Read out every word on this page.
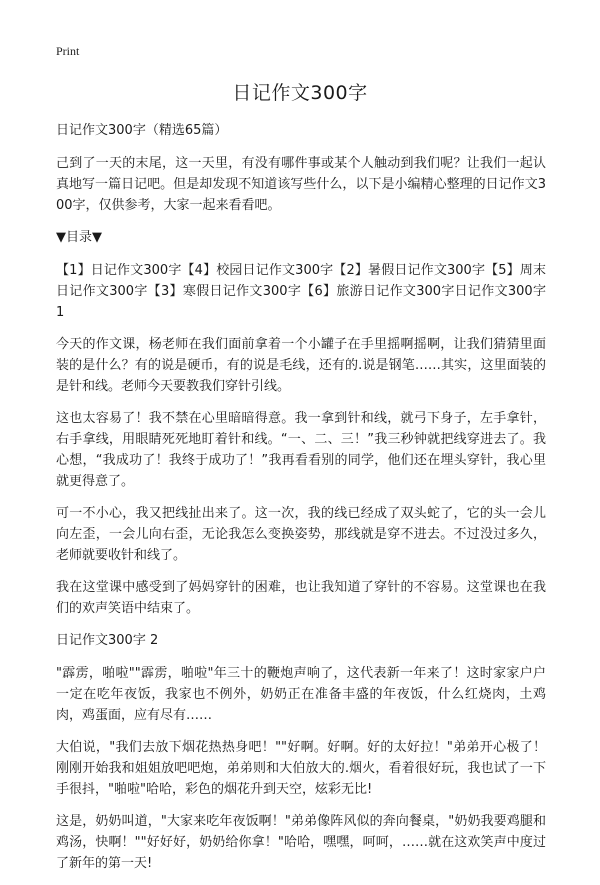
Print
日记作文300字

日记作文300字（精选65篇）

己到了一天的末尾，这一天里，有没有哪件事或某个人触动到我们呢？让我们一起认真地写一篇日记吧。但是却发现不知道该写些什么，以下是小编精心整理的日记作文300字，仅供参考，大家一起来看看吧。

▼目录▼

【1】日记作文300字【4】校园日记作文300字【2】暑假日记作文300字【5】周末日记作文300字【3】寒假日记作文300字【6】旅游日记作文300字日记作文300字 1

今天的作文课，杨老师在我们面前拿着一个小罐子在手里摇啊摇啊，让我们猜猜里面装的是什么？有的说是硬币，有的说是毛线，还有的.说是钢笔……其实，这里面装的是针和线。老师今天要教我们穿针引线。

这也太容易了！我不禁在心里暗暗得意。我一拿到针和线，就弓下身子，左手拿针，右手拿线，用眼睛死死地盯着针和线。“一、二、三！”我三秒钟就把线穿进去了。我心想，“我成功了！我终于成功了！”我再看看别的同学，他们还在埋头穿针，我心里就更得意了。

可一不小心，我又把线扯出来了。这一次，我的线已经成了双头蛇了，它的头一会儿向左歪，一会儿向右歪，无论我怎么变换姿势，那线就是穿不进去。不过没过多久，老师就要收针和线了。

我在这堂课中感受到了妈妈穿针的困难，也让我知道了穿针的不容易。这堂课也在我们的欢声笑语中结束了。

日记作文300字 2

"霹雳，啪啦""霹雳，啪啦"年三十的鞭炮声响了，这代表新一年来了！这时家家户户一定在吃年夜饭，我家也不例外，奶奶正在准备丰盛的年夜饭，什么红烧肉，土鸡肉，鸡蛋面，应有尽有……

大伯说，"我们去放下烟花热热身吧！""好啊。好啊。好的太好拉！"弟弟开心极了！刚刚开始我和姐姐放吧吧炮，弟弟则和大伯放大的.烟火，看着很好玩，我也试了一下手很抖，"啪啦"哈哈，彩色的烟花升到天空，炫彩无比!

这是，奶奶叫道，"大家来吃年夜饭啊！"弟弟像阵风似的奔向餐桌，"奶奶我要鸡腿和鸡汤，快啊！""好好好，奶奶给你拿！"哈哈，嘿嘿，呵呵，……就在这欢笑声中度过了新年的第一天!
